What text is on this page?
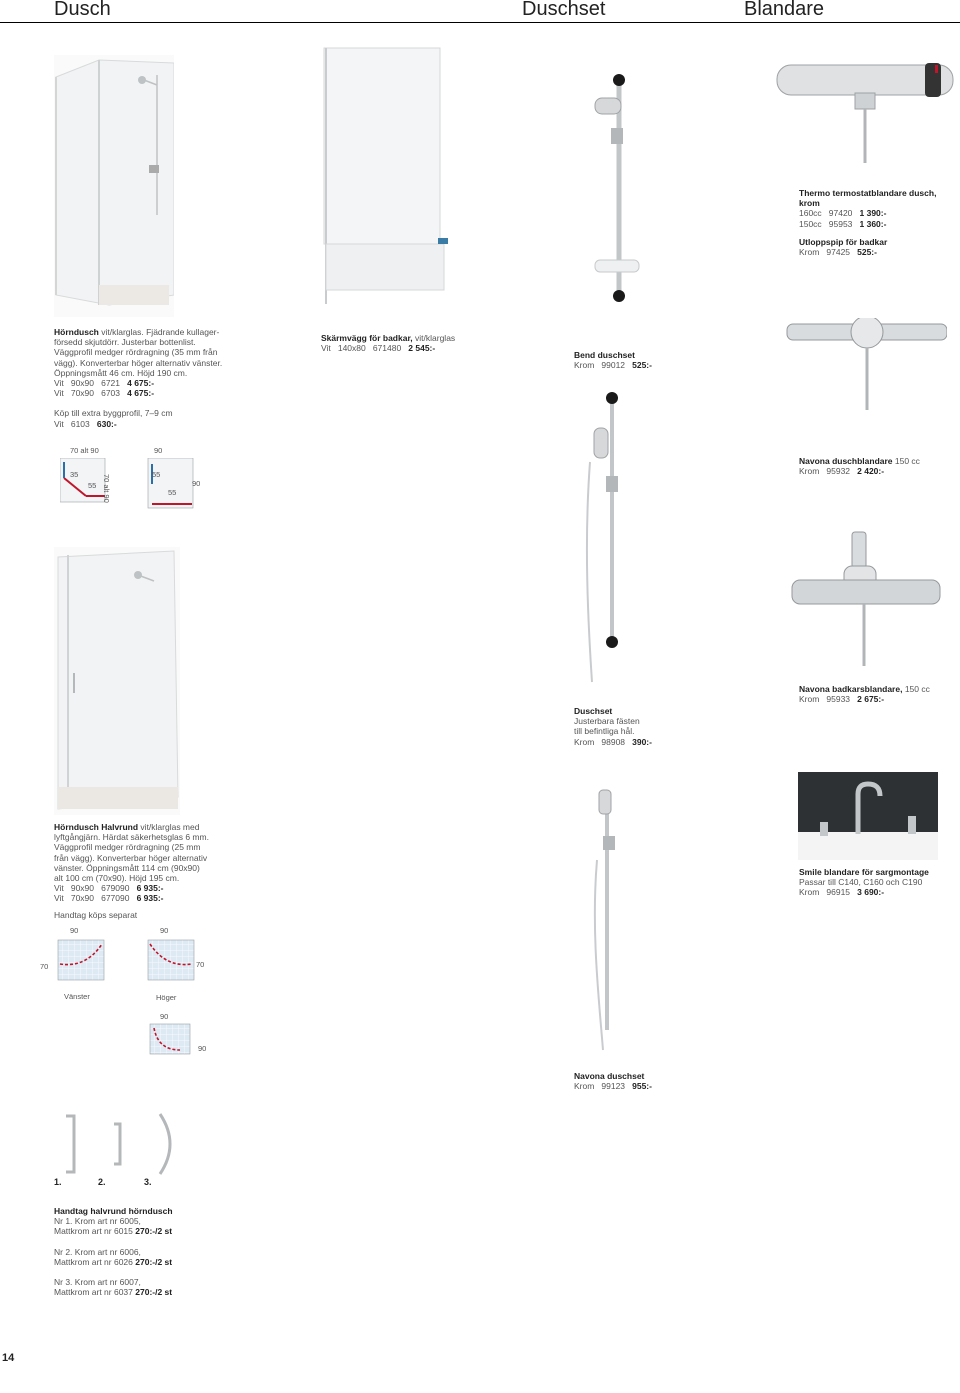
Dusch	Duschset	Blandare
Hörndusch vit/klarglas. Fjädrande kullager-
försedd skjutdörr. Justerbar bottenlist.
Väggprofil medger rördragning (35 mm från
vägg). Konverterbar höger alternativ vänster.
Öppningsmått 46 cm. Höjd 190 cm.
Vit   90x90   6721 4 675:-
Vit   70x90   6703 4 675:-
Köp till extra byggprofil, 7–9 cm
Vit   6103 630:-
70 alt 90	90
35
55 70 alt 90	55
55
90
Skärmvägg för badkar, vit/klarglas
Vit   140x80   671480 2 545:-
Bend duschset
Krom   99012 525:-
Thermo termostatblandare dusch, krom
160cc   97420 1 390:-
150cc   95953 1 360:-
Utloppspip för badkar
Krom   97425 525:-
Navona duschblandare 150 cc
Krom   95932 2 420:-
Navona badkarsblandare, 150 cc
Krom   95933 2 675:-
Duschset
Justerbara fästen
till befintliga hål.
Krom   98908 390:-
Hörndusch Halvrund vit/klarglas med
lyftgångjärn. Härdat säkerhetsglas 6 mm.
Väggprofil medger rördragning (25 mm
från vägg). Konverterbar höger alternativ
vänster. Öppningsmått 114 cm (90x90)
alt 100 cm (70x90). Höjd 195 cm.
Vit   90x90   679090 6 935:-
Vit   70x90   677090 6 935:-
Handtag köps separat
90	90
70	70
Vänster	Höger
90
90
Smile blandare för sargmontage
Passar till C140, C160 och C190
Krom   96915 3 690:-
Navona duschset
Krom   99123 955:-
1.	2.	3.
Handtag halvrund hörndusch
Nr 1. Krom art nr 6005,
Mattkrom art nr 6015 270:-/2 st
Nr 2. Krom art nr 6006,
Mattkrom art nr 6026 270:-/2 st
Nr 3. Krom art nr 6007,
Mattkrom art nr 6037 270:-/2 st
14
